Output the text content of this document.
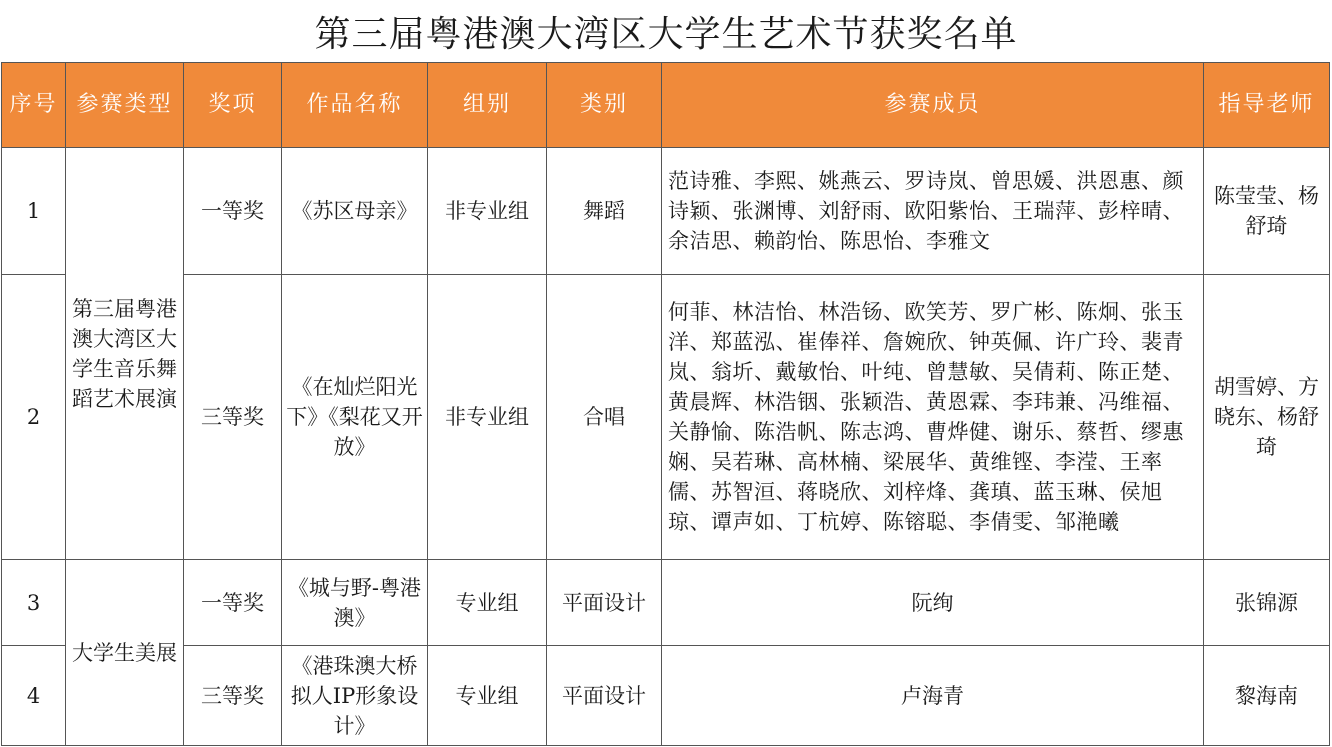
第三届粤港澳大湾区大学生艺术节获奖名单
序号	参赛类型	奖项	作品名称	组别	类别	参赛成员	指导老师
1	第三届粤港澳大湾区大学生音乐舞蹈艺术展演	一等奖	《苏区母亲》	非专业组	舞蹈	范诗雅、李熙、姚燕云、罗诗岚、曾思媛、洪恩惠、颜诗颖、张渊博、刘舒雨、欧阳紫怡、王瑞萍、彭梓晴、余洁思、赖韵怡、陈思怡、李雅文	陈莹莹、杨舒琦
2		三等奖	《在灿烂阳光下》《梨花又开放》	非专业组	合唱	何菲、林洁怡、林浩钖、欧笑芳、罗广彬、陈炯、张玉洋、郑蓝泓、崔俸祥、詹婉欣、钟英佩、许广玲、裴青岚、翁圻、戴敏怡、叶纯、曾慧敏、吴倩莉、陈正楚、黄晨辉、林浩铟、张颖浩、黄恩霖、李玮兼、冯维福、关静愉、陈浩帆、陈志鸿、曹烨健、谢乐、蔡哲、缪惠娴、吴若琳、高林楠、梁展华、黄维铿、李滢、王率儒、苏智洹、蒋晓欣、刘梓烽、龚瑱、蓝玉琳、侯旭琼、谭声如、丁杭婷、陈镕聪、李倩雯、邹滟曦	胡雪婷、方晓东、杨舒琦
3	大学生美展	一等奖	《城与野-粤港澳》	专业组	平面设计	阮绚	张锦源
4		三等奖	《港珠澳大桥拟人IP形象设计》	专业组	平面设计	卢海青	黎海南
